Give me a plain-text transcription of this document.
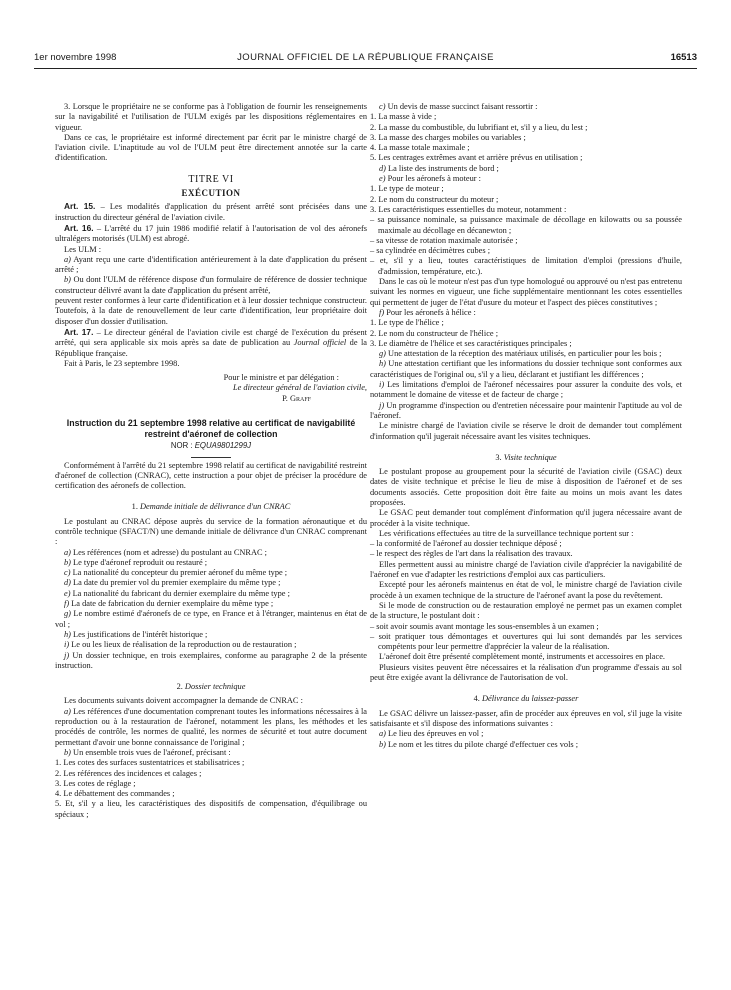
1er novembre 1998	JOURNAL OFFICIEL DE LA RÉPUBLIQUE FRANÇAISE	16513

3. Lorsque le propriétaire ne se conforme pas à l'obligation de fournir les renseignements sur la navigabilité et l'utilisation de l'ULM exigés par les dispositions réglementaires en vigueur.

Dans ce cas, le propriétaire est informé directement par écrit par le ministre chargé de l'aviation civile. L'inaptitude au vol de l'ULM peut être directement annotée sur la carte d'identification.

TITRE VI

EXÉCUTION

Art. 15. – Les modalités d'application du présent arrêté sont précisées dans une instruction du directeur général de l'aviation civile.

Art. 16. – L'arrêté du 17 juin 1986 modifié relatif à l'autorisation de vol des aéronefs ultralégers motorisés (ULM) est abrogé.

Les ULM :

a) Ayant reçu une carte d'identification antérieurement à la date d'application du présent arrêté ;

b) Ou dont l'ULM de référence dispose d'un formulaire de référence de dossier technique constructeur délivré avant la date d'application du présent arrêté,

peuvent rester conformes à leur carte d'identification et à leur dossier technique constructeur. Toutefois, à la date de renouvellement de leur carte d'identification, leur propriétaire doit disposer d'un dossier d'utilisation.

Art. 17. – Le directeur général de l'aviation civile est chargé de l'exécution du présent arrêté, qui sera applicable six mois après sa date de publication au Journal officiel de la République française.

Fait à Paris, le 23 septembre 1998.

Pour le ministre et par délégation :

Le directeur général de l'aviation civile,

P. Graff

Instruction du 21 septembre 1998 relative au certificat de navigabilité restreint d'aéronef de collection

NOR : EQUA9801299J

Conformément à l'arrêté du 21 septembre 1998 relatif au certificat de navigabilité restreint d'aéronef de collection (CNRAC), cette instruction a pour objet de préciser la procédure de certification des aéronefs de collection.

1. Demande initiale de délivrance d'un CNRAC

Le postulant au CNRAC dépose auprès du service de la formation aéronautique et du contrôle technique (SFACT/N) une demande initiale de délivrance d'un CNRAC comprenant :

a) Les références (nom et adresse) du postulant au CNRAC ;

b) Le type d'aéronef reproduit ou restauré ;

c) La nationalité du concepteur du premier aéronef du même type ;

d) La date du premier vol du premier exemplaire du même type ;

e) La nationalité du fabricant du dernier exemplaire du même type ;

f) La date de fabrication du dernier exemplaire du même type ;

g) Le nombre estimé d'aéronefs de ce type, en France et à l'étranger, maintenus en état de vol ;

h) Les justifications de l'intérêt historique ;

i) Le ou les lieux de réalisation de la reproduction ou de restauration ;

j) Un dossier technique, en trois exemplaires, conforme au paragraphe 2 de la présente instruction.

2. Dossier technique

Les documents suivants doivent accompagner la demande de CNRAC :

a) Les références d'une documentation comprenant toutes les informations nécessaires à la reproduction ou à la restauration de l'aéronef, notamment les plans, les méthodes et les procédés de contrôle, les normes de qualité, les normes de sécurité et tout autre document permettant d'avoir une bonne connaissance de l'original ;

b) Un ensemble trois vues de l'aéronef, précisant :

1. Les cotes des surfaces sustentatrices et stabilisatrices ;

2. Les références des incidences et calages ;

3. Les cotes de réglage ;

4. Le débattement des commandes ;

5. Et, s'il y a lieu, les caractéristiques des dispositifs de compensation, d'équilibrage ou spéciaux ;

c) Un devis de masse succinct faisant ressortir :

1. La masse à vide ;

2. La masse du combustible, du lubrifiant et, s'il y a lieu, du lest ;

3. La masse des charges mobiles ou variables ;

4. La masse totale maximale ;

5. Les centrages extrêmes avant et arrière prévus en utilisation ;

d) La liste des instruments de bord ;

e) Pour les aéronefs à moteur :

1. Le type de moteur ;

2. Le nom du constructeur du moteur ;

3. Les caractéristiques essentielles du moteur, notamment :

– sa puissance nominale, sa puissance maximale de décollage en kilowatts ou sa poussée maximale au décollage en décanewton ;

– sa vitesse de rotation maximale autorisée ;

– sa cylindrée en décimètres cubes ;

– et, s'il y a lieu, toutes caractéristiques de limitation d'emploi (pressions d'huile, d'admission, température, etc.).

Dans le cas où le moteur n'est pas d'un type homologué ou approuvé ou n'est pas entretenu suivant les normes en vigueur, une fiche supplémentaire mentionnant les cotes essentielles qui permettent de juger de l'état d'usure du moteur et l'aspect des pièces constitutives ;

f) Pour les aéronefs à hélice :

1. Le type de l'hélice ;

2. Le nom du constructeur de l'hélice ;

3. Le diamètre de l'hélice et ses caractéristiques principales ;

g) Une attestation de la réception des matériaux utilisés, en particulier pour les bois ;

h) Une attestation certifiant que les informations du dossier technique sont conformes aux caractéristiques de l'original ou, s'il y a lieu, déclarant et justifiant les différences ;

i) Les limitations d'emploi de l'aéronef nécessaires pour assurer la conduite des vols, et notamment le domaine de vitesse et de facteur de charge ;

j) Un programme d'inspection ou d'entretien nécessaire pour maintenir l'aptitude au vol de l'aéronef.

Le ministre chargé de l'aviation civile se réserve le droit de demander tout complément d'information qu'il jugerait nécessaire avant les visites techniques.

3. Visite technique

Le postulant propose au groupement pour la sécurité de l'aviation civile (GSAC) deux dates de visite technique et précise le lieu de mise à disposition de l'aéronef et de ses documents associés. Cette proposition doit être faite au moins un mois avant les dates proposées.

Le GSAC peut demander tout complément d'information qu'il jugera nécessaire avant de procéder à la visite technique.

Les vérifications effectuées au titre de la surveillance technique portent sur :

– la conformité de l'aéronef au dossier technique déposé ;

– le respect des règles de l'art dans la réalisation des travaux.

Elles permettent aussi au ministre chargé de l'aviation civile d'apprécier la navigabilité de l'aéronef en vue d'adapter les restrictions d'emploi aux cas particuliers.

Excepté pour les aéronefs maintenus en état de vol, le ministre chargé de l'aviation civile procède à un examen technique de la structure de l'aéronef avant la pose du revêtement.

Si le mode de construction ou de restauration employé ne permet pas un examen complet de la structure, le postulant doit :

– soit avoir soumis avant montage les sous-ensembles à un examen ;

– soit pratiquer tous démontages et ouvertures qui lui sont demandés par les services compétents pour leur permettre d'apprécier la valeur de la réalisation.

L'aéronef doit être présenté complètement monté, instruments et accessoires en place.

Plusieurs visites peuvent être nécessaires et la réalisation d'un programme d'essais au sol peut être exigée avant la délivrance de l'autorisation de vol.

4. Délivrance du laissez-passer

Le GSAC délivre un laissez-passer, afin de procéder aux épreuves en vol, s'il juge la visite satisfaisante et s'il dispose des informations suivantes :

a) Le lieu des épreuves en vol ;

b) Le nom et les titres du pilote chargé d'effectuer ces vols ;
